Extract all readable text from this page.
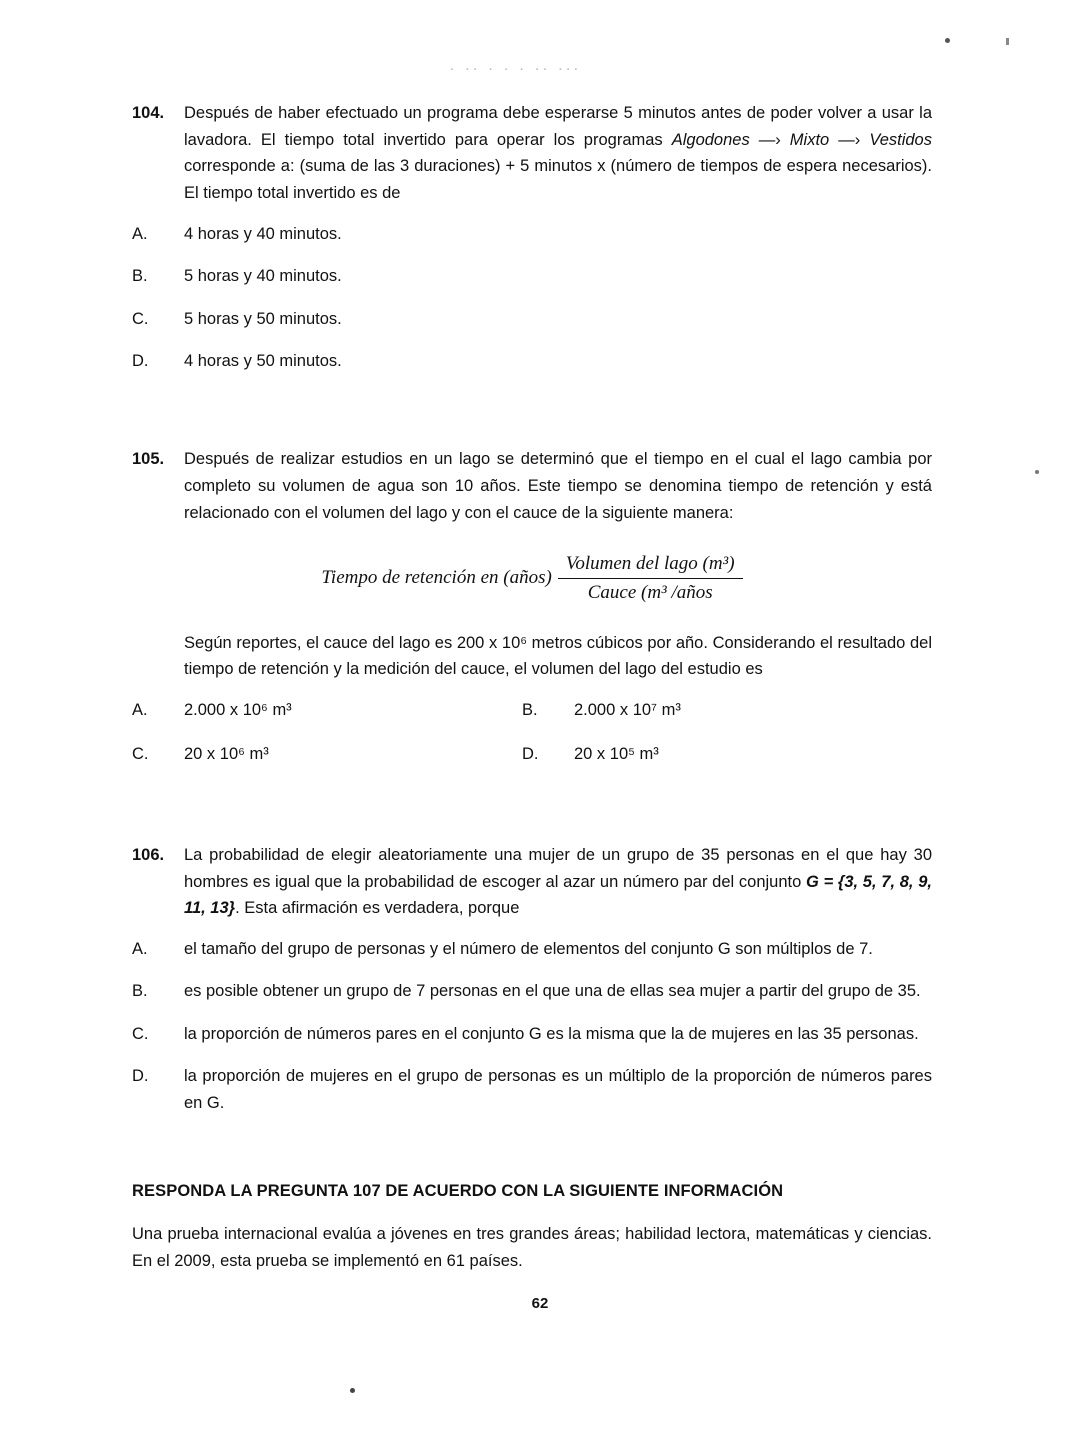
. .. . . . .. ...
104.	Después de haber efectuado un programa debe esperarse 5 minutos antes de poder volver a usar la lavadora. El tiempo total invertido para operar los programas Algodones —› Mixto —› Vestidos corresponde a: (suma de las 3 duraciones) + 5 minutos x (número de tiempos de espera necesarios). El tiempo total invertido es de
A.	4 horas y 40 minutos.
B.	5 horas y 40 minutos.
C.	5 horas y 50 minutos.
D.	4 horas y 50 minutos.
105.	Después de realizar estudios en un lago se determinó que el tiempo en el cual el lago cambia por completo su volumen de agua son 10 años. Este tiempo se denomina tiempo de retención y está relacionado con el volumen del lago y con el cauce de la siguiente manera:
Tiempo de retención en (años) $\frac{\text{Volumen del lago (m³)}}{\text{Cauce (m³ /años}}$
Según reportes, el cauce del lago es 200 x 10⁶ metros cúbicos por año. Considerando el resultado del tiempo de retención y la medición del cauce, el volumen del lago del estudio es
A.	2.000 x 10⁶ m³	B.	2.000 x 10⁷ m³
C.	20 x 10⁶ m³	D.	20 x 10⁵ m³
106.	La probabilidad de elegir aleatoriamente una mujer de un grupo de 35 personas en el que hay 30 hombres es igual que la probabilidad de escoger al azar un número par del conjunto G = {3, 5, 7, 8, 9, 11, 13}. Esta afirmación es verdadera, porque
A.	el tamaño del grupo de personas y el número de elementos del conjunto G son múltiplos de 7.
B.	es posible obtener un grupo de 7 personas en el que una de ellas sea mujer a partir del grupo de 35.
C.	la proporción de números pares en el conjunto G es la misma que la de mujeres en las 35 personas.
D.	la proporción de mujeres en el grupo de personas es un múltiplo de la proporción de números pares en G.
RESPONDA LA PREGUNTA 107 DE ACUERDO CON LA SIGUIENTE INFORMACIÓN
Una prueba internacional evalúa a jóvenes en tres grandes áreas; habilidad lectora, matemáticas y ciencias. En el 2009, esta prueba se implementó en 61 países.
62
